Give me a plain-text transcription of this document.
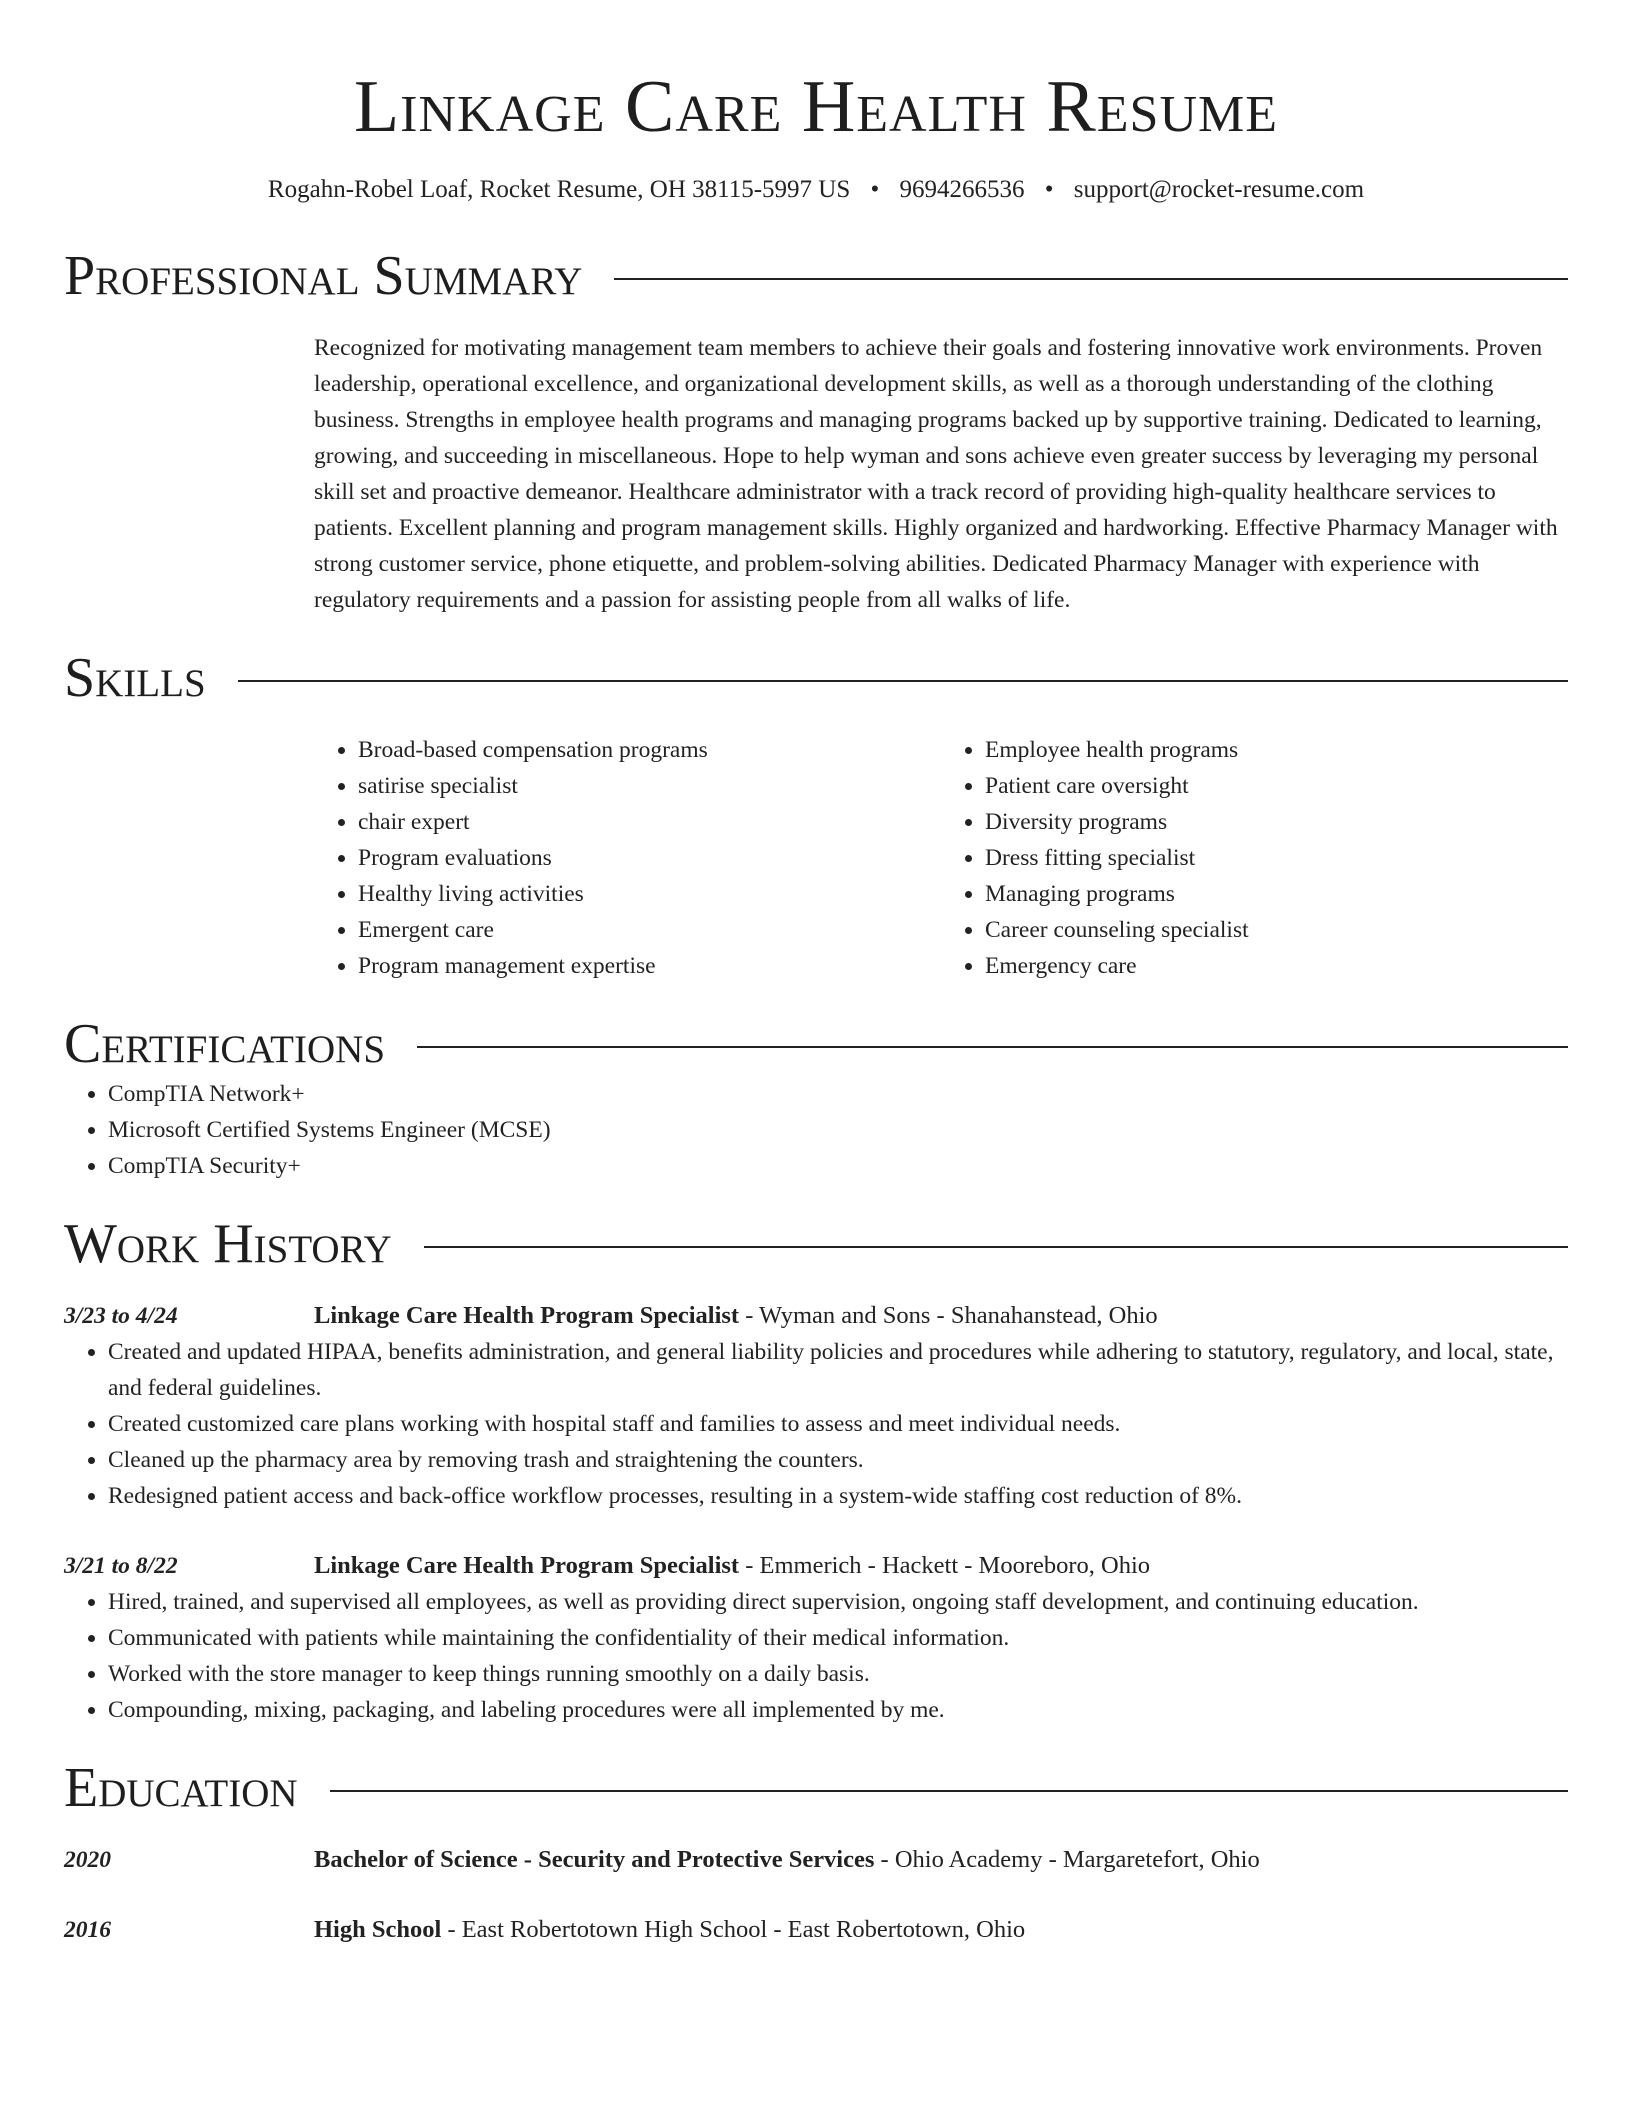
Linkage Care Health Resume
Rogahn-Robel Loaf, Rocket Resume, OH 38115-5997 US • 9694266536 • support@rocket-resume.com
Professional Summary

Recognized for motivating management team members to achieve their goals and fostering innovative work environments. Proven leadership, operational excellence, and organizational development skills, as well as a thorough understanding of the clothing business. Strengths in employee health programs and managing programs backed up by supportive training. Dedicated to learning, growing, and succeeding in miscellaneous. Hope to help wyman and sons achieve even greater success by leveraging my personal skill set and proactive demeanor. Healthcare administrator with a track record of providing high-quality healthcare services to patients. Excellent planning and program management skills. Highly organized and hardworking. Effective Pharmacy Manager with strong customer service, phone etiquette, and problem-solving abilities. Dedicated Pharmacy Manager with experience with regulatory requirements and a passion for assisting people from all walks of life.

Skills
• Broad-based compensation programs
• satirise specialist
• chair expert
• Program evaluations
• Healthy living activities
• Emergent care
• Program management expertise
• Employee health programs
• Patient care oversight
• Diversity programs
• Dress fitting specialist
• Managing programs
• Career counseling specialist
• Emergency care
Certifications
• CompTIA Network+
• Microsoft Certified Systems Engineer (MCSE)
• CompTIA Security+
Work History
3/23 to 4/24	Linkage Care Health Program Specialist - Wyman and Sons - Shanahanstead, Ohio
• Created and updated HIPAA, benefits administration, and general liability policies and procedures while adhering to statutory, regulatory, and local, state, and federal guidelines.
• Created customized care plans working with hospital staff and families to assess and meet individual needs.
• Cleaned up the pharmacy area by removing trash and straightening the counters.
• Redesigned patient access and back-office workflow processes, resulting in a system-wide staffing cost reduction of 8%.
3/21 to 8/22	Linkage Care Health Program Specialist - Emmerich - Hackett - Mooreboro, Ohio
• Hired, trained, and supervised all employees, as well as providing direct supervision, ongoing staff development, and continuing education.
• Communicated with patients while maintaining the confidentiality of their medical information.
• Worked with the store manager to keep things running smoothly on a daily basis.
• Compounding, mixing, packaging, and labeling procedures were all implemented by me.
Education
2020	Bachelor of Science - Security and Protective Services - Ohio Academy - Margaretefort, Ohio
2016	High School - East Robertotown High School - East Robertotown, Ohio
